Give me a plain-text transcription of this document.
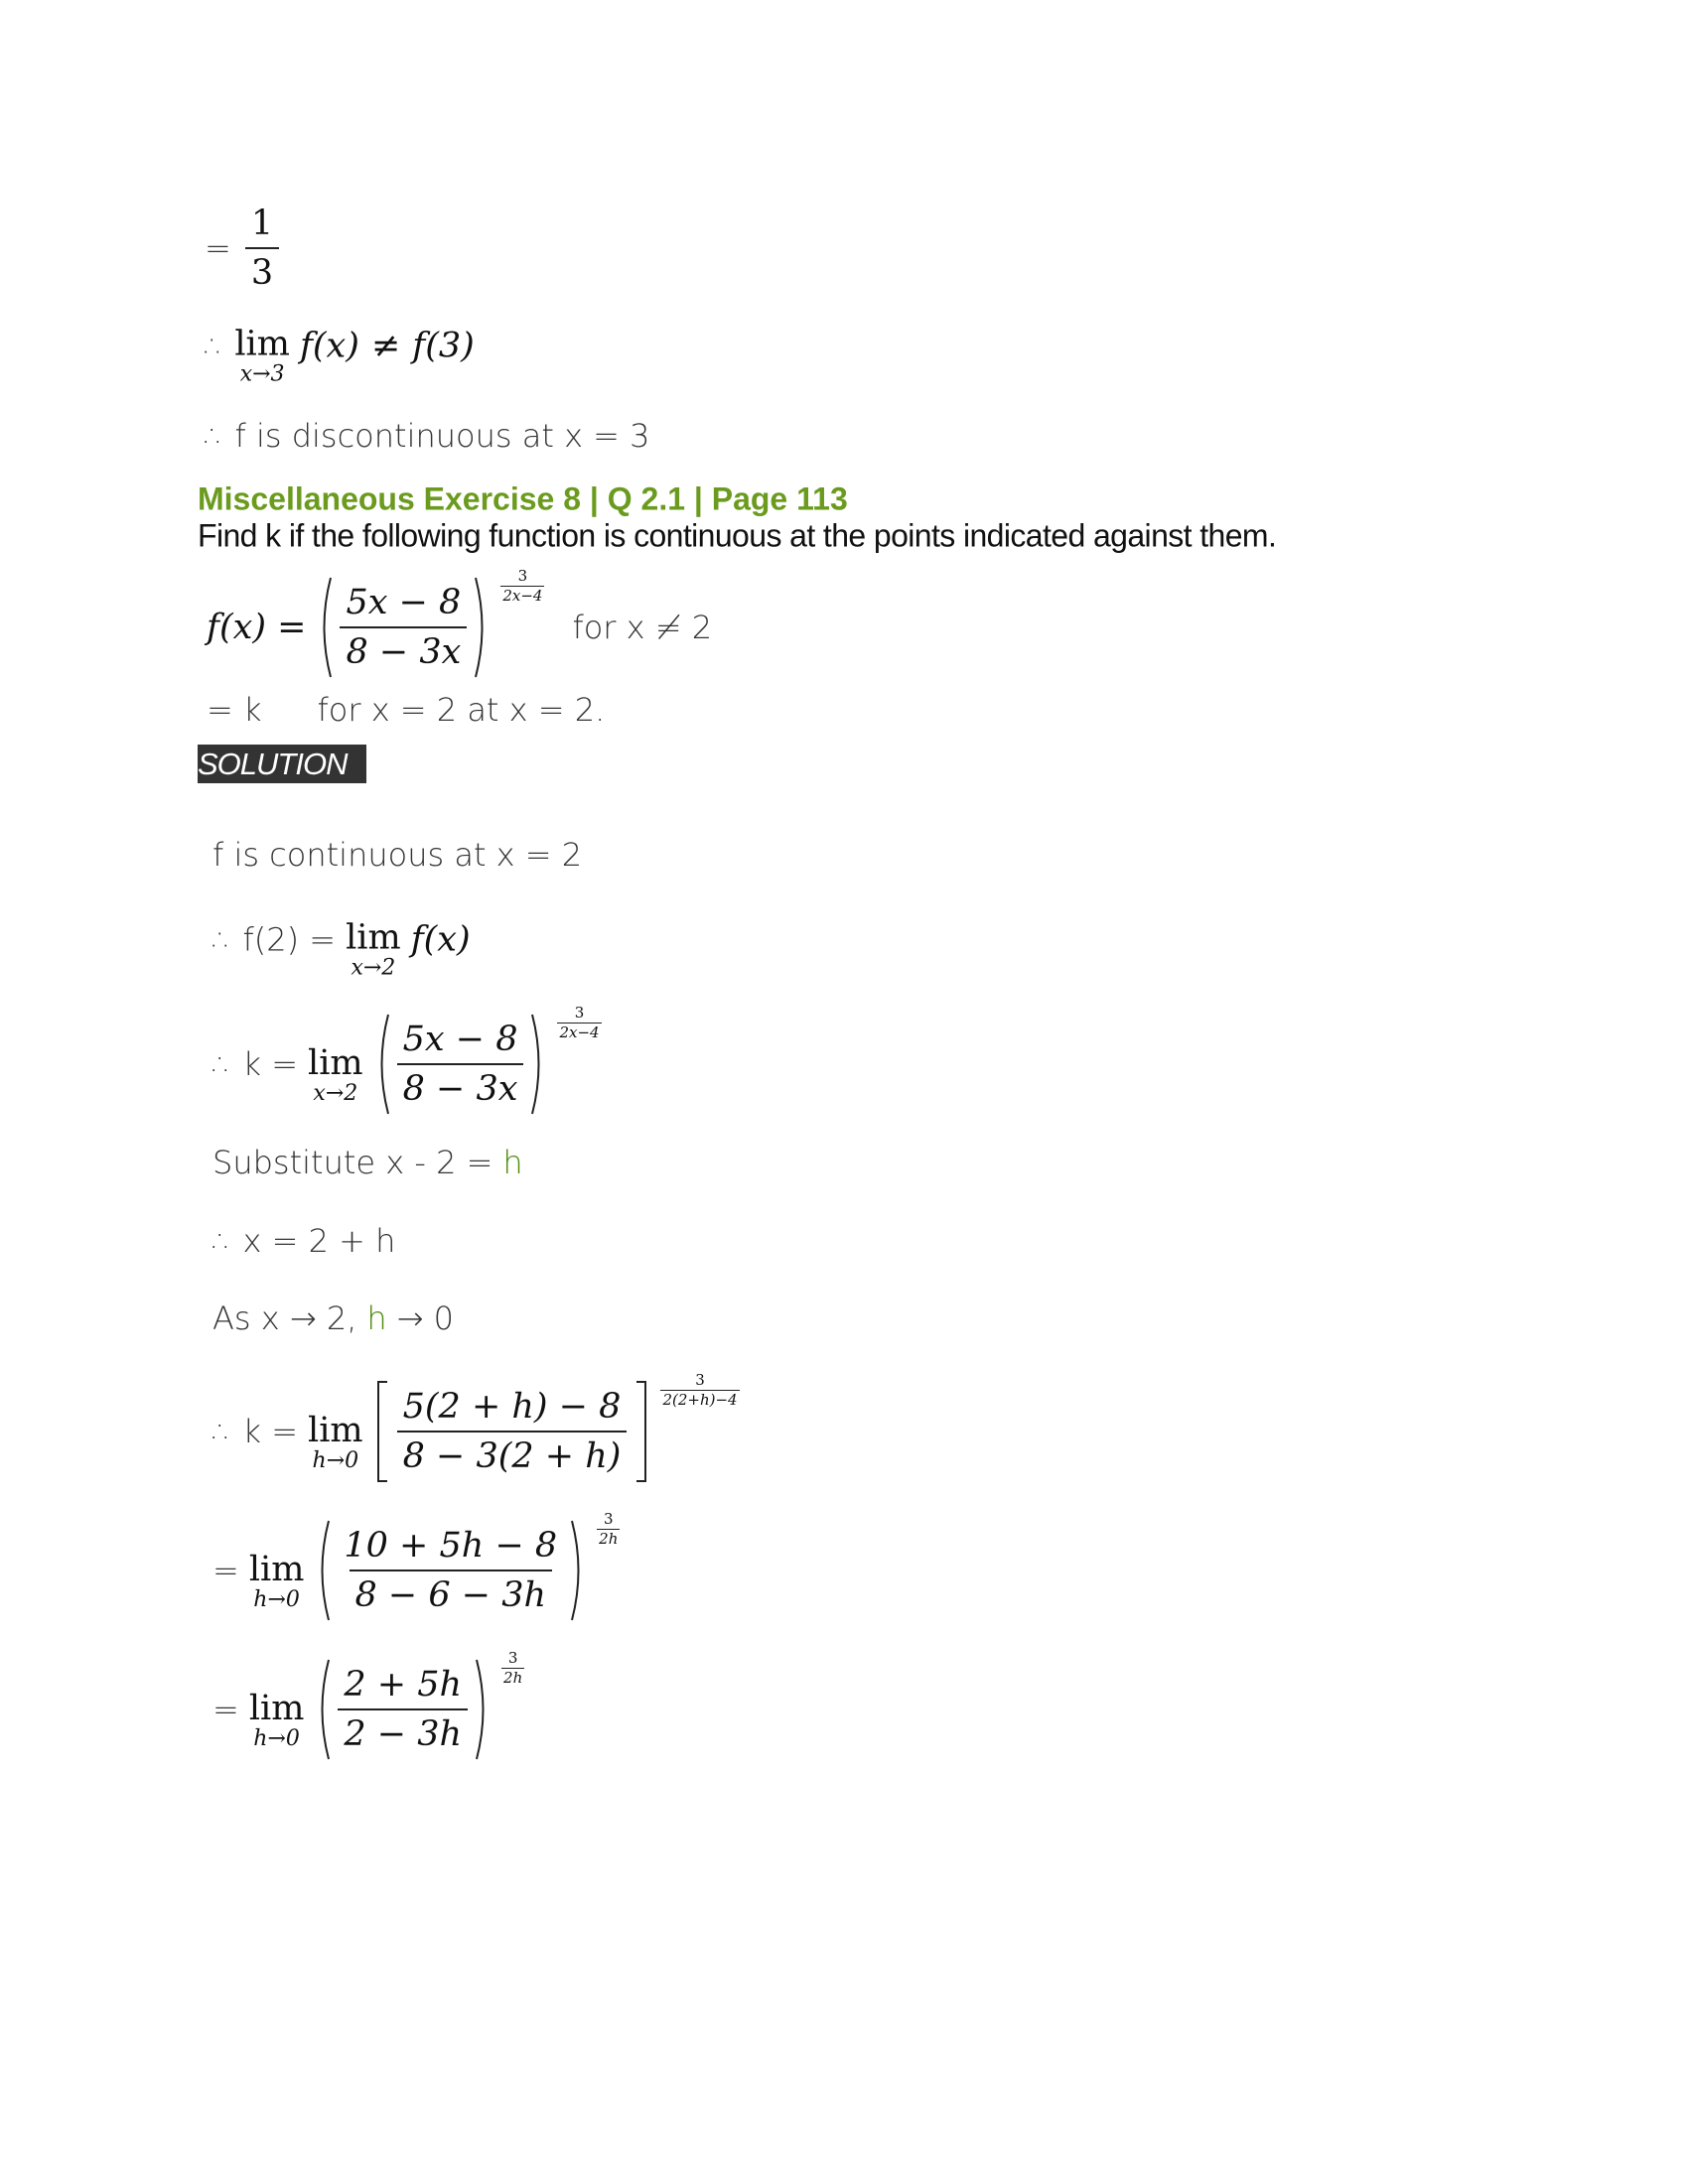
= $\frac{1}{3}$
∴ lim
x→3
f(x) ≠ f(3)
∴ f is discontinuous at x = 3
Miscellaneous Exercise 8 | Q 2.1 | Page 113
Find k if the following function is continuous at the points indicated against them.
$f(x) = \frac{5x - 8}{8 - 3x} \frac{3}{2x-4}$
for x ≠ 2
= k for x = 2 at x = 2.
SOLUTION
f is continuous at x = 2
∴ f(2) = lim
x→2
f(x)
∴ k = lim
$x\to 2 \frac{5x - 8}{8 - 3x} \frac{3}{2x-4}$
Substitute x - 2 = h
∴ x = 2 + h
As x → 2, h → 0
∴ k = lim
$h\to 0 \frac{5(2 + h) - 8}{8 - 3(2 + h)} \frac{3}{2(2+h)-4}$
= lim
$h\to 0 \frac{10 + 5h - 8}{8 - 6 - 3h} \frac{3}{2h}$
= lim
$h\to 0 \frac{2 + 5h}{2 - 3h} \frac{3}{2h}$
